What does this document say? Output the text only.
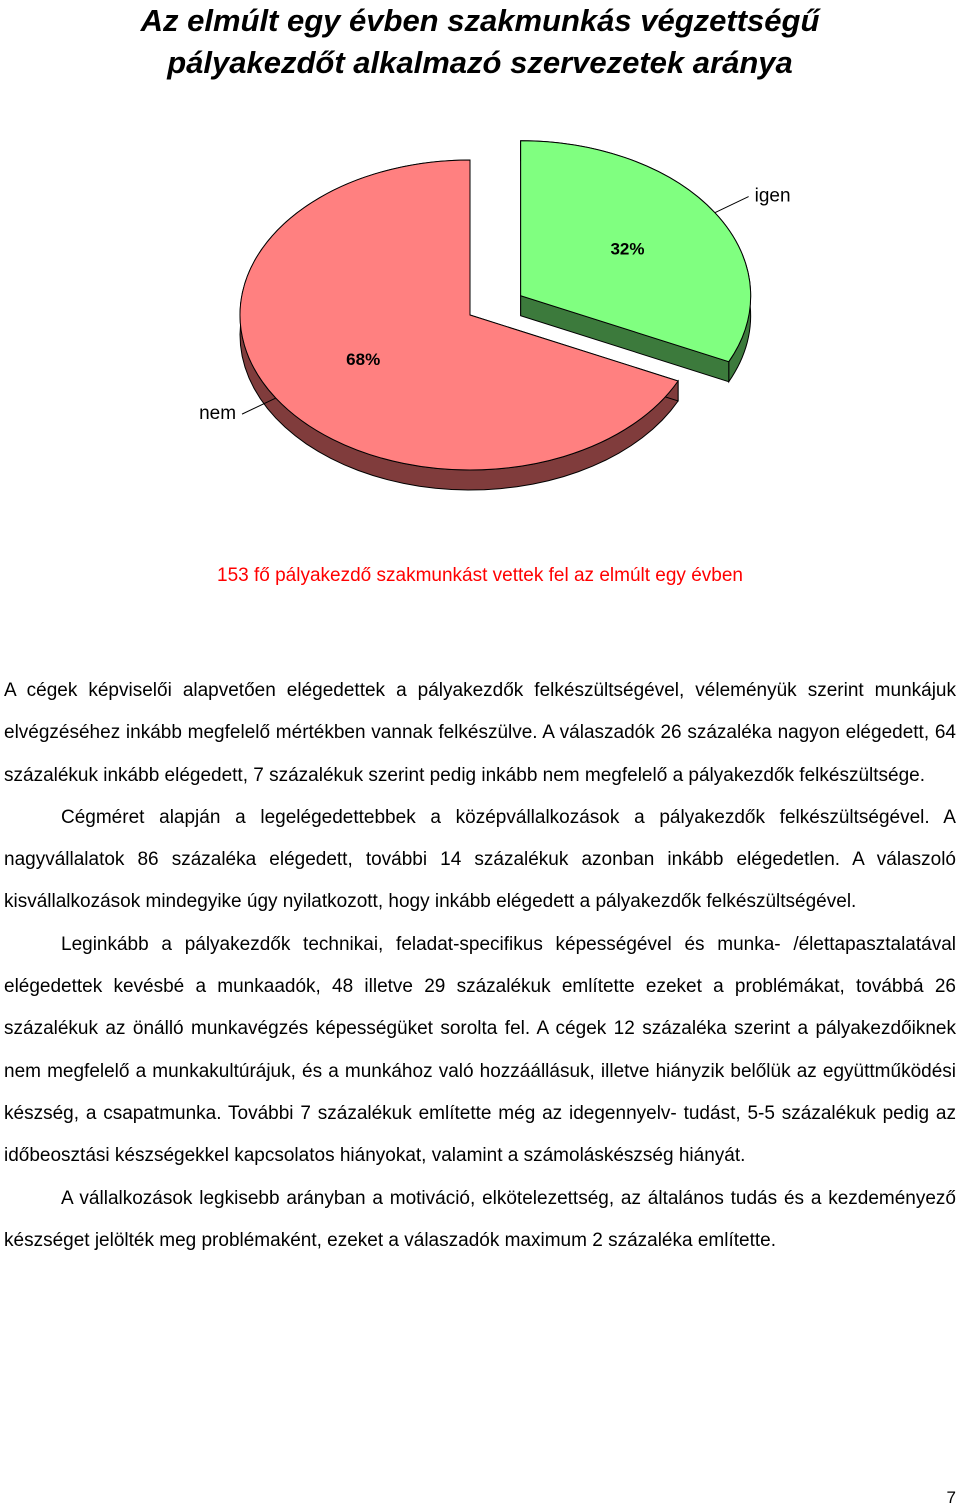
Az elmúlt egy évben szakmunkás végzettségű
pályakezdőt alkalmazó szervezetek aránya
68%
nem
32%
igen

153 fő pályakezdő szakmunkást vettek fel az elmúlt egy évben

A cégek képviselői alapvetően elégedettek a pályakezdők felkészültségével, véleményük szerint munkájuk elvégzéséhez inkább megfelelő mértékben vannak felkészülve. A válaszadók 26 százaléka nagyon elégedett, 64 százalékuk inkább elégedett, 7 százalékuk szerint pedig inkább nem megfelelő a pályakezdők felkészültsége.

Cégméret alapján a legelégedettebbek a középvállalkozások a pályakezdők felkészültségével. A nagyvállalatok 86 százaléka elégedett, további 14 százalékuk azonban inkább elégedetlen. A válaszoló kisvállalkozások mindegyike úgy nyilatkozott, hogy inkább elégedett a pályakezdők felkészültségével.

Leginkább a pályakezdők technikai, feladat-specifikus képességével és munka- /élettapasztalatával elégedettek kevésbé a munkaadók, 48 illetve 29 százalékuk említette ezeket a problémákat, továbbá 26 százalékuk az önálló munkavégzés képességüket sorolta fel. A cégek 12 százaléka szerint a pályakezdőiknek nem megfelelő a munkakultúrájuk, és a munkához való hozzáállásuk, illetve hiányzik belőlük az együttműködési készség, a csapatmunka. További 7 százalékuk említette még az idegennyelv- tudást, 5-5 százalékuk pedig az időbeosztási készségekkel kapcsolatos hiányokat, valamint a számoláskészség hiányát.

A vállalkozások legkisebb arányban a motiváció, elkötelezettség, az általános tudás és a kezdeményező készséget jelölték meg problémaként, ezeket a válaszadók maximum 2 százaléka említette.

7
